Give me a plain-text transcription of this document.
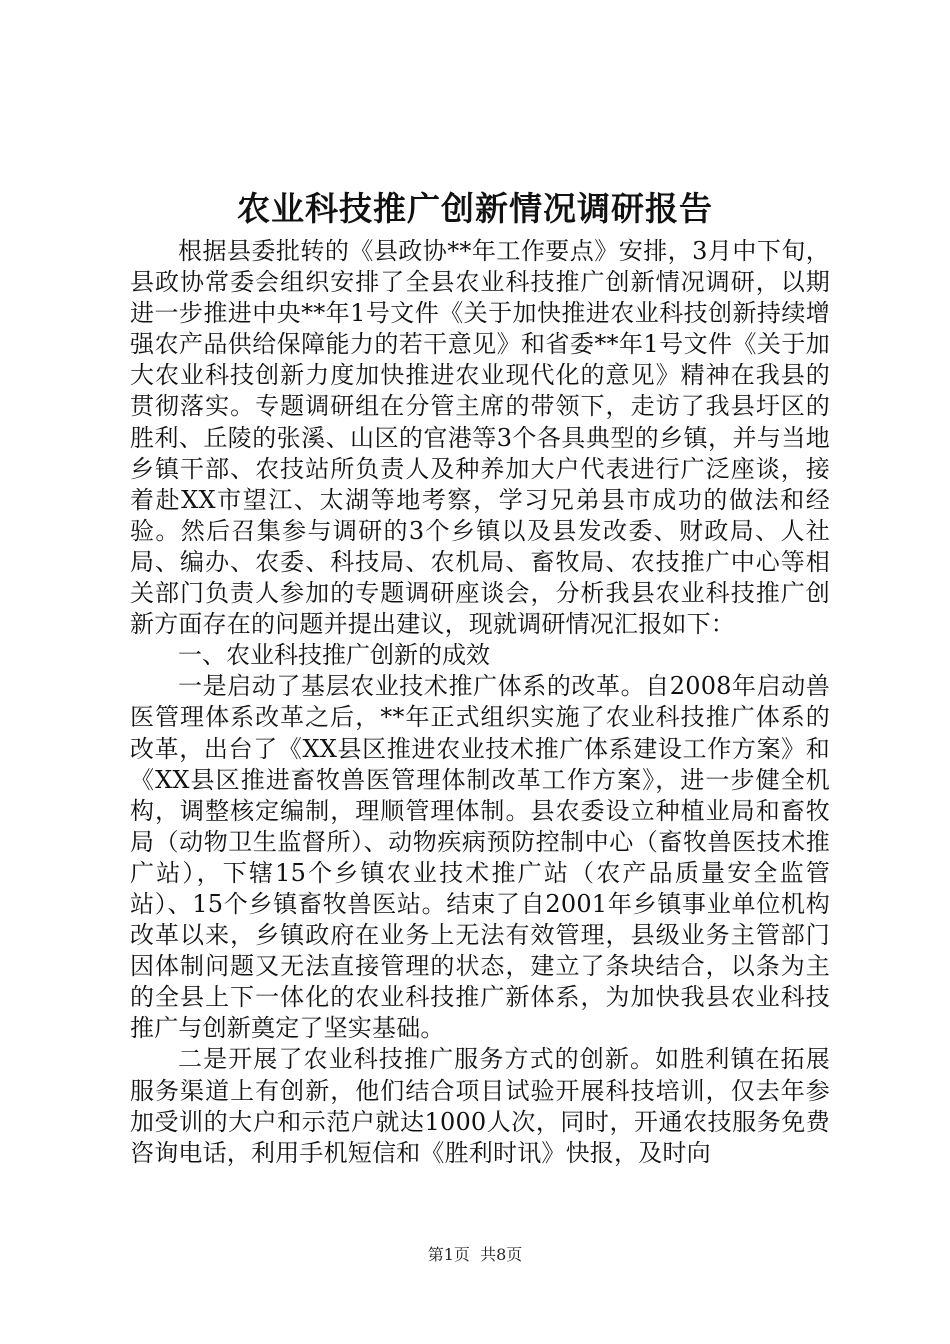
农业科技推广创新情况调研报告

根据县委批转的《县政协**年工作要点》安排，3月中下旬，县政协常委会组织安排了全县农业科技推广创新情况调研，以期进一步推进中央**年1号文件《关于加快推进农业科技创新持续增强农产品供给保障能力的若干意见》和省委**年1号文件《关于加大农业科技创新力度加快推进农业现代化的意见》精神在我县的贯彻落实。专题调研组在分管主席的带领下，走访了我县圩区的胜利、丘陵的张溪、山区的官港等3个各具典型的乡镇，并与当地乡镇干部、农技站所负责人及种养加大户代表进行广泛座谈，接着赴XX市望江、太湖等地考察，学习兄弟县市成功的做法和经验。然后召集参与调研的3个乡镇以及县发改委、财政局、人社局、编办、农委、科技局、农机局、畜牧局、农技推广中心等相关部门负责人参加的专题调研座谈会，分析我县农业科技推广创新方面存在的问题并提出建议，现就调研情况汇报如下：

一、农业科技推广创新的成效

一是启动了基层农业技术推广体系的改革。自2008年启动兽医管理体系改革之后，**年正式组织实施了农业科技推广体系的改革，出台了《XX县区推进农业技术推广体系建设工作方案》和《XX县区推进畜牧兽医管理体制改革工作方案》，进一步健全机构，调整核定编制，理顺管理体制。县农委设立种植业局和畜牧局（动物卫生监督所）、动物疾病预防控制中心（畜牧兽医技术推广站），下辖15个乡镇农业技术推广站（农产品质量安全监管站）、15个乡镇畜牧兽医站。结束了自2001年乡镇事业单位机构改革以来，乡镇政府在业务上无法有效管理，县级业务主管部门因体制问题又无法直接管理的状态，建立了条块结合，以条为主的全县上下一体化的农业科技推广新体系，为加快我县农业科技推广与创新奠定了坚实基础。

二是开展了农业科技推广服务方式的创新。如胜利镇在拓展服务渠道上有创新，他们结合项目试验开展科技培训，仅去年参加受训的大户和示范户就达1000人次，同时，开通农技服务免费咨询电话，利用手机短信和《胜利时讯》快报，及时向

第1页 共8页
